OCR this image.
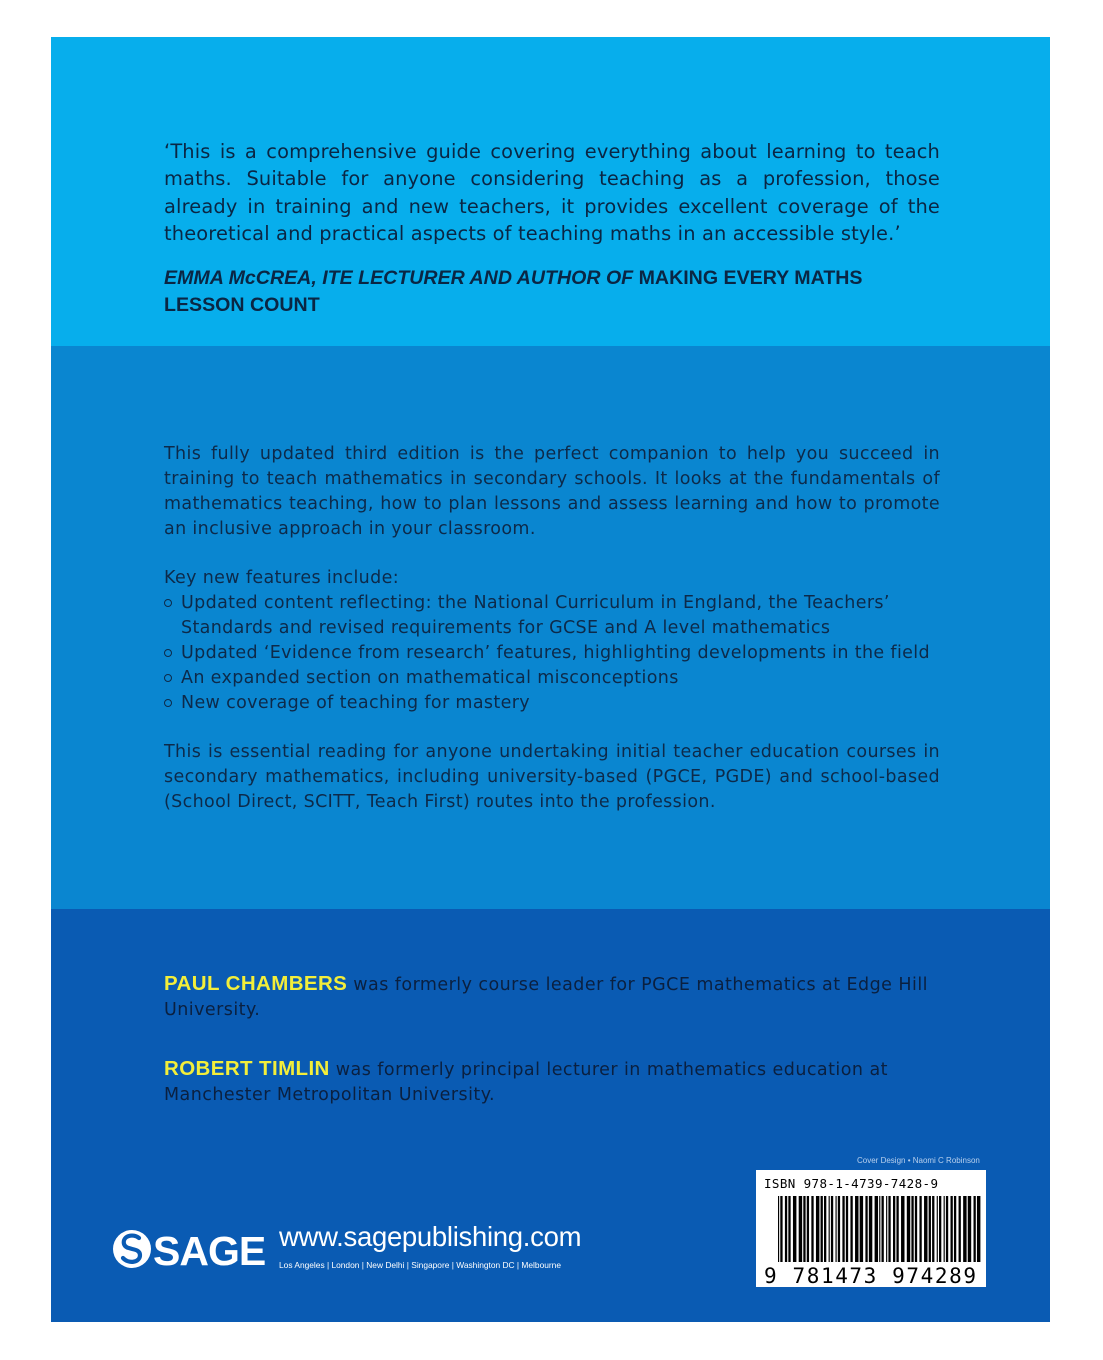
‘This is a comprehensive guide covering everything about learning to teach maths. Suitable for anyone considering teaching as a profession, those already in training and new teachers, it provides excellent coverage of the theoretical and practical aspects of teaching maths in an accessible style.’
EMMA McCREA, ITE LECTURER AND AUTHOR OF MAKING EVERY MATHS LESSON COUNT
This fully updated third edition is the perfect companion to help you succeed in training to teach mathematics in secondary schools. It looks at the fundamentals of mathematics teaching, how to plan lessons and assess learning and how to promote an inclusive approach in your classroom.
Key new features include:
Updated content reflecting: the National Curriculum in England, the Teachers’ Standards and revised requirements for GCSE and A level mathematics
Updated ‘Evidence from research’ features, highlighting developments in the field
An expanded section on mathematical misconceptions
New coverage of teaching for mastery
This is essential reading for anyone undertaking initial teacher education courses in secondary mathematics, including university-based (PGCE, PGDE) and school-based (School Direct, SCITT, Teach First) routes into the profession.
PAUL CHAMBERS was formerly course leader for PGCE mathematics at Edge Hill University.
ROBERT TIMLIN was formerly principal lecturer in mathematics education at Manchester Metropolitan University.
Cover Design • Naomi C Robinson
ISBN 978-1-4739-7428-9
9 781473 974289
SAGE www.sagepublishing.com
Los Angeles | London | New Delhi | Singapore | Washington DC | Melbourne
